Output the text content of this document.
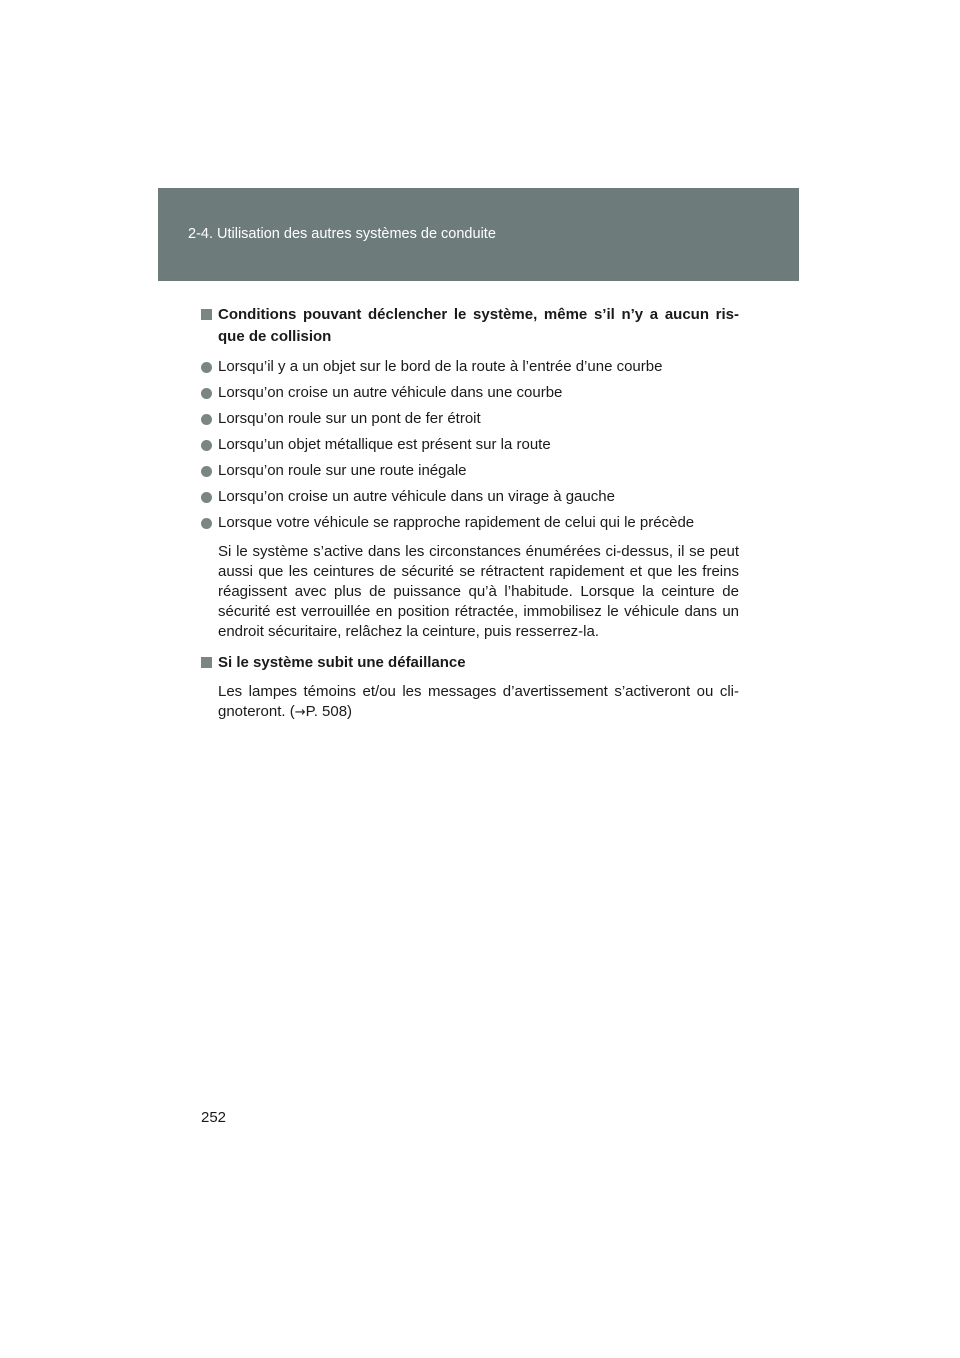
2-4. Utilisation des autres systèmes de conduite
Conditions pouvant déclencher le système, même s’il n’y a aucun ris-que de collision
Lorsqu’il y a un objet sur le bord de la route à l’entrée d’une courbe
Lorsqu’on croise un autre véhicule dans une courbe
Lorsqu’on roule sur un pont de fer étroit
Lorsqu’un objet métallique est présent sur la route
Lorsqu’on roule sur une route inégale
Lorsqu’on croise un autre véhicule dans un virage à gauche
Lorsque votre véhicule se rapproche rapidement de celui qui le précède

Si le système s’active dans les circonstances énumérées ci-dessus, il se peut aussi que les ceintures de sécurité se rétractent rapidement et que les freins réagissent avec plus de puissance qu’à l’habitude. Lorsque la ceinture de sécurité est verrouillée en position rétractée, immobilisez le véhicule dans un endroit sécuritaire, relâchez la ceinture, puis resserrez-la.

Si le système subit une défaillance

Les lampes témoins et/ou les messages d’avertissement s’activeront ou cli-gnoteront. (→P. 508)

252
